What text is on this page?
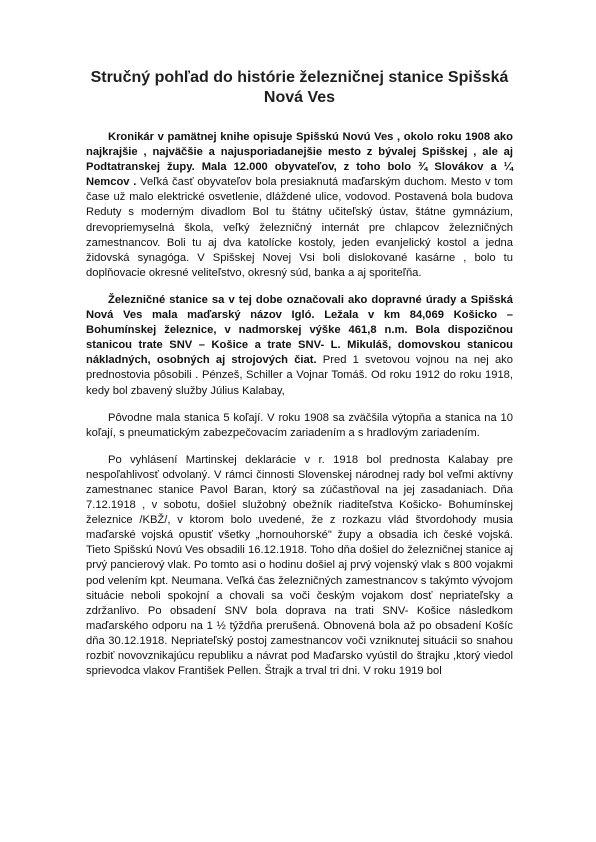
Stručný pohľad do histórie železničnej stanice Spišská Nová Ves

Kronikár v pamätnej knihe opisuje Spišskú Novú Ves , okolo roku 1908 ako najkrajšie , najväčšie a najusporiadanejšie mesto z bývalej Spišskej , ale aj Podtatranskej župy. Mala 12.000 obyvateľov, z toho bolo ¾ Slovákov a ¼ Nemcov . Veľká časť obyvateľov bola presiaknutá maďarským duchom. Mesto v tom čase už malo elektrické osvetlenie, dláždené ulice, vodovod. Postavená bola budova Reduty s moderným divadlom Bol tu štátny učiteľský ústav, štátne gymnázium, drevopriemyselná škola, veľký železničný internát pre chlapcov železničných zamestnancov. Boli tu aj dva katolícke kostoly, jeden evanjelický kostol a jedna židovská synagóga. V Spišskej Novej Vsi boli dislokované kasárne , bolo tu doplňovacie okresné veliteľstvo, okresný súd, banka a aj sporiteľňa.

Železničné stanice sa v tej dobe označovali ako dopravné úrady a Spišská Nová Ves mala maďarský názov Igló. Ležala v km 84,069 Košicko – Bohumínskej železnice, v nadmorskej výške 461,8 n.m. Bola dispozičnou stanicou trate SNV – Košice a trate SNV- L. Mikuláš, domovskou stanicou nákladných, osobných aj strojových čiat. Pred 1 svetovou vojnou na nej ako prednostovia pôsobili . Pénzeš, Schiller a Vojnar Tomáš. Od roku 1912 do roku 1918, kedy bol zbavený služby Július Kalabay,

Pôvodne mala stanica 5 koľají. V roku 1908 sa zväčšila výtopňa a stanica na 10 koľají, s pneumatickým zabezpečovacím zariadením a s hradlovým zariadením.

Po vyhlásení Martinskej deklarácie v r. 1918 bol prednosta Kalabay pre nespoľahlivosť odvolaný. V rámci činnosti Slovenskej národnej rady bol veľmi aktívny zamestnanec stanice Pavol Baran, ktorý sa zúčastňoval na jej zasadaniach. Dňa 7.12.1918 , v sobotu, došiel služobný obežník riaditeľstva Košicko- Bohumínskej železnice /KBŽ/, v ktorom bolo uvedené, že z rozkazu vlád štvordohody musia maďarské vojská opustiť všetky „hornouhorské" župy a obsadia ich české vojská. Tieto Spišskú Novú Ves obsadili 16.12.1918. Toho dňa došiel do železničnej stanice aj prvý pancierový vlak. Po tomto asi o hodinu došiel aj prvý vojenský vlak s 800 vojakmi pod velením kpt. Neumana. Veľká čas železničných zamestnancov s takýmto vývojom situácie neboli spokojní a chovali sa voči českým vojakom dosť nepriateľsky a zdržanlivo. Po obsadení SNV bola doprava na trati SNV- Košice následkom maďarského odporu na 1 ½ týždňa prerušená. Obnovená bola až po obsadení Košíc dňa 30.12.1918. Nepriateľský postoj zamestnancov voči vzniknutej situácii so snahou rozbiť novovznikajúcu republiku a návrat pod Maďarsko vyústil do štrajku ,ktorý viedol sprievodca vlakov František Pellen. Štrajk a trval tri dni. V roku 1919 bol
